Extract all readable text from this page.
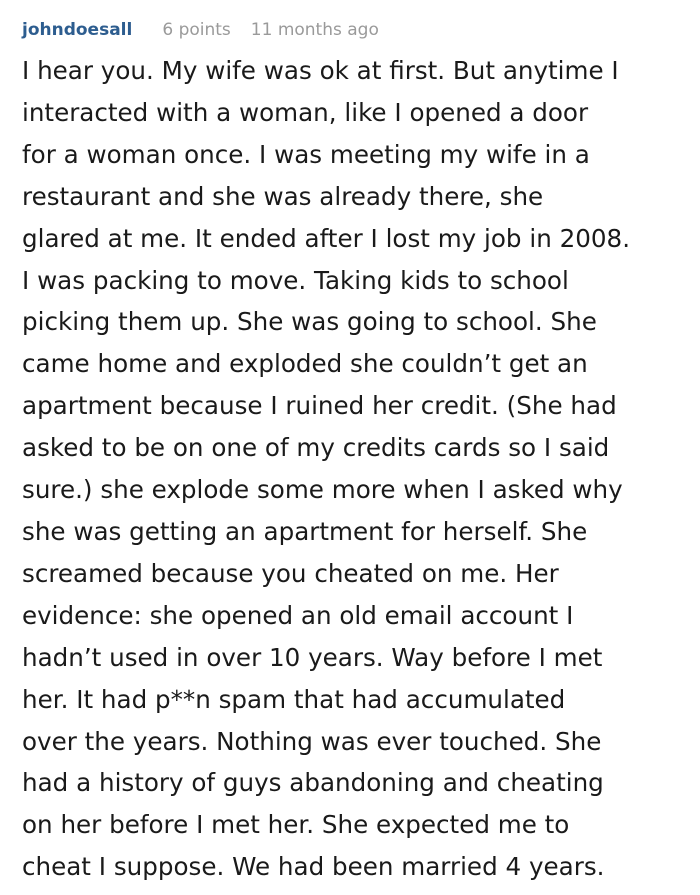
johndoesall 6 points 11 months ago
I hear you. My wife was ok at first. But anytime I
interacted with a woman, like I opened a door
for a woman once. I was meeting my wife in a
restaurant and she was already there, she
glared at me. It ended after I lost my job in 2008.
I was packing to move. Taking kids to school
picking them up. She was going to school. She
came home and exploded she couldn’t get an
apartment because I ruined her credit. (She had
asked to be on one of my credits cards so I said
sure.) she explode some more when I asked why
she was getting an apartment for herself. She
screamed because you cheated on me. Her
evidence: she opened an old email account I
hadn’t used in over 10 years. Way before I met
her. It had p**n spam that had accumulated
over the years. Nothing was ever touched. She
had a history of guys abandoning and cheating
on her before I met her. She expected me to
cheat I suppose. We had been married 4 years.
